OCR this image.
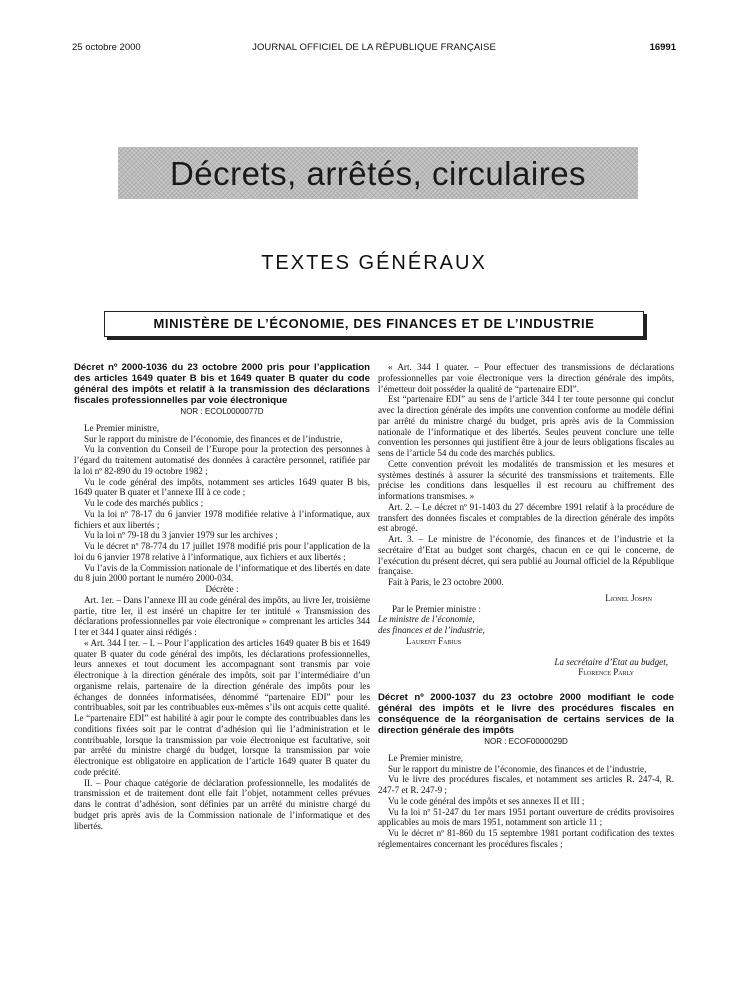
25 octobre 2000	JOURNAL OFFICIEL DE LA RÉPUBLIQUE FRANÇAISE	16991
Décrets, arrêtés, circulaires
TEXTES GÉNÉRAUX
MINISTÈRE DE L’ÉCONOMIE, DES FINANCES ET DE L’INDUSTRIE

Décret nº 2000-1036 du 23 octobre 2000 pris pour l’application des articles 1649 quater B bis et 1649 quater B quater du code général des impôts et relatif à la transmission des déclarations fiscales professionnelles par voie électronique

NOR : ECOL0000077D

Le Premier ministre,

Sur le rapport du ministre de l’économie, des finances et de l’industrie,

Vu la convention du Conseil de l’Europe pour la protection des personnes à l’égard du traitement automatisé des données à caractère personnel, ratifiée par la loi nº 82-890 du 19 octobre 1982 ;

Vu le code général des impôts, notamment ses articles 1649 quater B bis, 1649 quater B quater et l’annexe III à ce code ;

Vu le code des marchés publics ;

Vu la loi nº 78-17 du 6 janvier 1978 modifiée relative à l’informatique, aux fichiers et aux libertés ;

Vu la loi nº 79-18 du 3 janvier 1979 sur les archives ;

Vu le décret nº 78-774 du 17 juillet 1978 modifié pris pour l’application de la loi du 6 janvier 1978 relative à l’informatique, aux fichiers et aux libertés ;

Vu l’avis de la Commission nationale de l’informatique et des libertés en date du 8 juin 2000 portant le numéro 2000-034.

Décrète :

Art. 1er. – Dans l’annexe III au code général des impôts, au livre Ier, troisième partie, titre Ier, il est inséré un chapitre Ier ter intitulé « Transmission des déclarations professionnelles par voie électronique » comprenant les articles 344 I ter et 344 I quater ainsi rédigés :

« Art. 344 I ter. – I. – Pour l’application des articles 1649 quater B bis et 1649 quater B quater du code général des impôts, les déclarations professionnelles, leurs annexes et tout document les accompagnant sont transmis par voie électronique à la direction générale des impôts, soit par l’intermédiaire d’un organisme relais, partenaire de la direction générale des impôts pour les échanges de données informatisées, dénommé “partenaire EDI” pour les contribuables, soit par les contribuables eux-mêmes s’ils ont acquis cette qualité. Le “partenaire EDI” est habilité à agir pour le compte des contribuables dans les conditions fixées soit par le contrat d’adhésion qui lie l’administration et le contribuable, lorsque la transmission par voie électronique est facultative, soit par arrêté du ministre chargé du budget, lorsque la transmission par voie électronique est obligatoire en application de l’article 1649 quater B quater du code précité.

II. – Pour chaque catégorie de déclaration professionnelle, les modalités de transmission et de traitement dont elle fait l’objet, notamment celles prévues dans le contrat d’adhésion, sont définies par un arrêté du ministre chargé du budget pris après avis de la Commission nationale de l’informatique et des libertés.

« Art. 344 I quater. – Pour effectuer des transmissions de déclarations professionnelles par voie électronique vers la direction générale des impôts, l’émetteur doit posséder la qualité de “partenaire EDI”.

Est “partenaire EDI” au sens de l’article 344 I ter toute personne qui conclut avec la direction générale des impôts une convention conforme au modèle défini par arrêté du ministre chargé du budget, pris après avis de la Commission nationale de l’informatique et des libertés. Seules peuvent conclure une telle convention les personnes qui justifient être à jour de leurs obligations fiscales au sens de l’article 54 du code des marchés publics.

Cette convention prévoit les modalités de transmission et les mesures et systèmes destinés à assurer la sécurité des transmissions et traitements. Elle précise les conditions dans lesquelles il est recouru au chiffrement des informations transmises. »

Art. 2. – Le décret nº 91-1403 du 27 décembre 1991 relatif à la procédure de transfert des données fiscales et comptables de la direction générale des impôts est abrogé.

Art. 3. – Le ministre de l’économie, des finances et de l’industrie et la secrétaire d’Etat au budget sont chargés, chacun en ce qui le concerne, de l’exécution du présent décret, qui sera publié au Journal officiel de la République française.

Fait à Paris, le 23 octobre 2000.

Lionel Jospin

Par le Premier ministre :

Le ministre de l’économie,

des finances et de l’industrie,

Laurent Fabius

La secrétaire d’Etat au budget,

Florence Parly

Décret nº 2000-1037 du 23 octobre 2000 modifiant le code général des impôts et le livre des procédures fiscales en conséquence de la réorganisation de certains services de la direction générale des impôts

NOR : ECOF0000029D

Le Premier ministre,

Sur le rapport du ministre de l’économie, des finances et de l’industrie,

Vu le livre des procédures fiscales, et notamment ses articles R. 247-4, R. 247-7 et R. 247-9 ;

Vu le code général des impôts et ses annexes II et III ;

Vu la loi nº 51-247 du 1er mars 1951 portant ouverture de crédits provisoires applicables au mois de mars 1951, notamment son article 11 ;

Vu le décret nº 81-860 du 15 septembre 1981 portant codification des textes réglementaires concernant les procédures fiscales ;
